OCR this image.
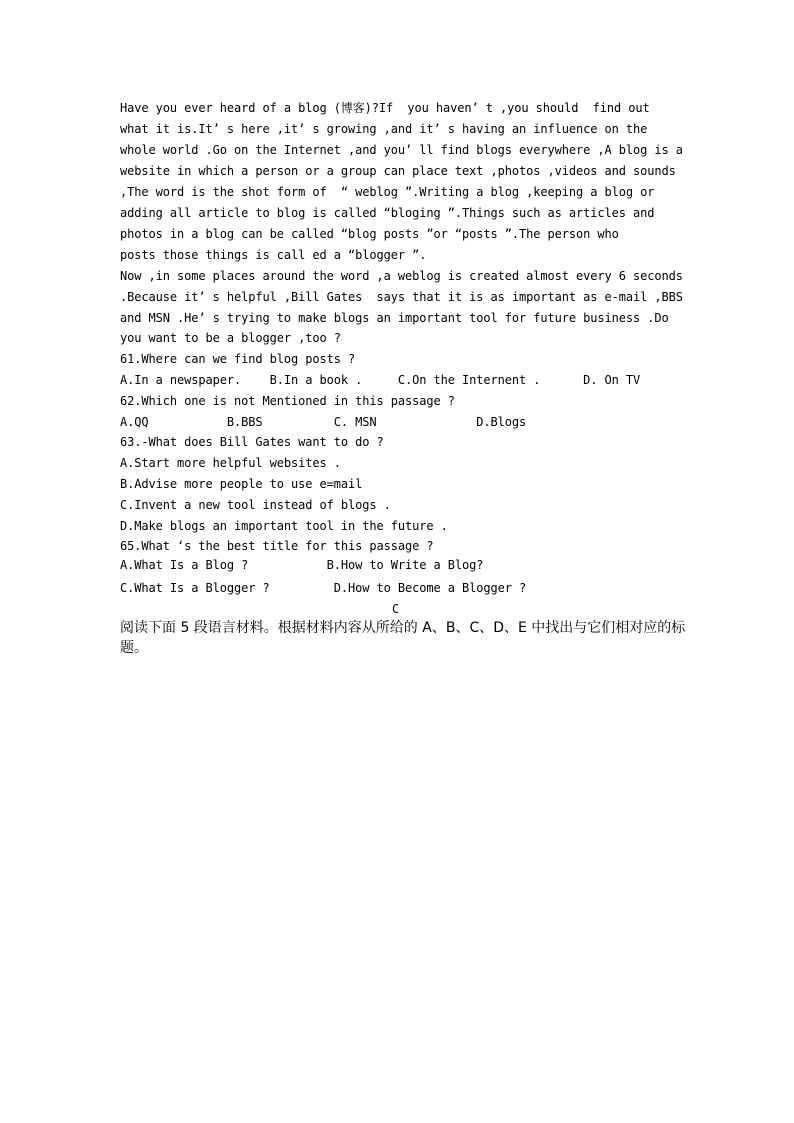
Have you ever heard of a blog (博客)?If  you haven’ t ,you should  find out
what it is.It’ s here ,it’ s growing ,and it’ s having an influence on the
whole world .Go on the Internet ,and you’ ll find blogs everywhere ,A blog is a
website in which a person or a group can place text ,photos ,videos and sounds
,The word is the shot form of  “ weblog ”.Writing a blog ,keeping a blog or
adding all article to blog is called “bloging ”.Things such as articles and
photos in a blog can be called “blog posts ”or “posts ”.The person who
posts those things is call ed a “blogger ”.
Now ,in some places around the word ,a weblog is created almost every 6 seconds
.Because it’ s helpful ,Bill Gates  says that it is as important as e-mail ,BBS
and MSN .He’ s trying to make blogs an important tool for future business .Do
you want to be a blogger ,too ?
61.Where can we find blog posts ?
A.In a newspaper.    B.In a book .     C.On the Internent .      D. On TV
62.Which one is not Mentioned in this passage ?
A.QQ           B.BBS          C. MSN              D.Blogs
63.-What does Bill Gates want to do ?
A.Start more helpful websites .
B.Advise more people to use e=mail
C.Invent a new tool instead of blogs .
D.Make blogs an important tool in the future .
65.What ‘s the best title for this passage ?
A.What Is a Blog ?           B.How to Write a Blog?
C.What Is a Blogger ?         D.How to Become a Blogger ?
C
阅读下面 5 段语言材料。根据材料内容从所给的 A、B、C、D、E 中找出与它们相对应的标
题。
